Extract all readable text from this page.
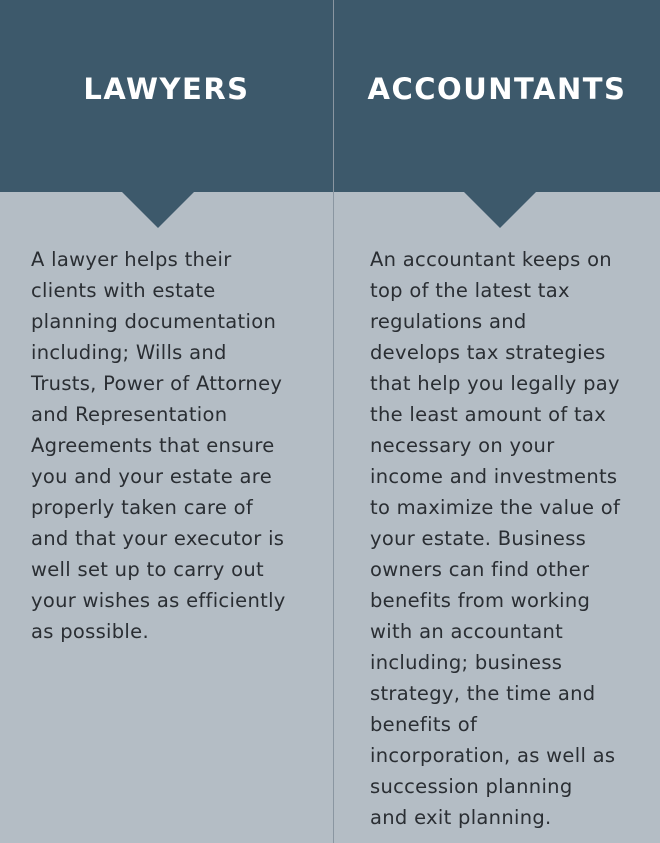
LAWYERS

A lawyer helps their
clients with estate
planning documentation
including; Wills and
Trusts, Power of Attorney
and Representation
Agreements that ensure
you and your estate are
properly taken care of
and that your executor is
well set up to carry out
your wishes as efficiently
as possible.

ACCOUNTANTS

An accountant keeps on
top of the latest tax
regulations and
develops tax strategies
that help you legally pay
the least amount of tax
necessary on your
income and investments
to maximize the value of
your estate. Business
owners can find other
benefits from working
with an accountant
including; business
strategy, the time and
benefits of
incorporation, as well as
succession planning
and exit planning.
